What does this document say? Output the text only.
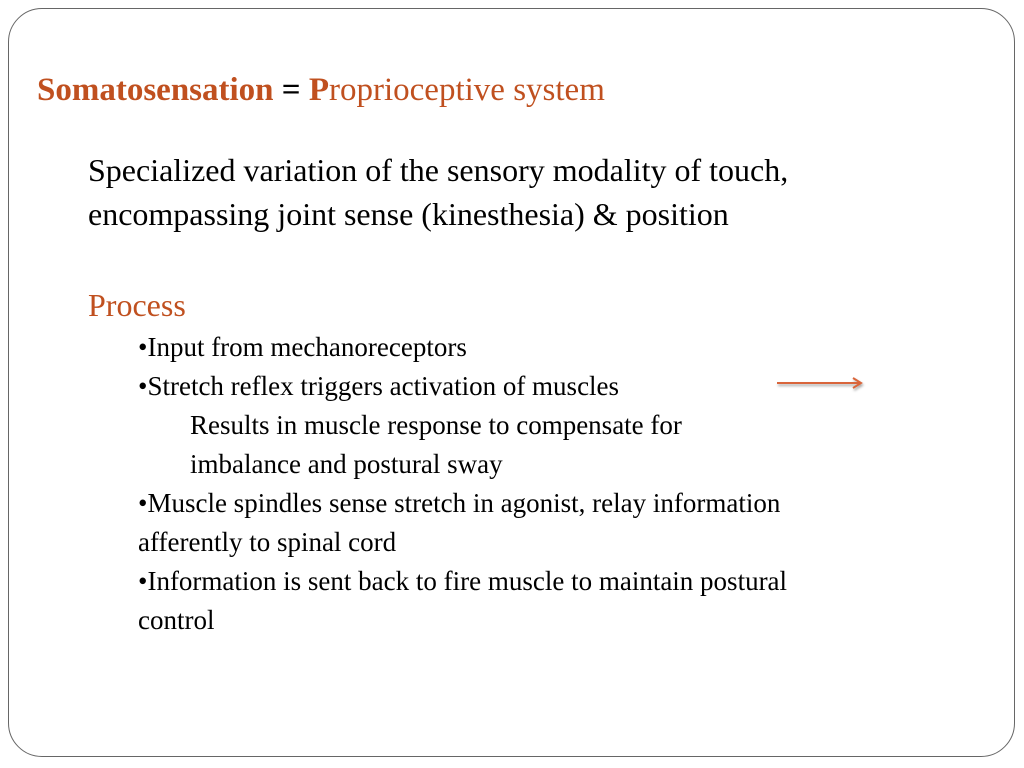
Somatosensation = Proprioceptive system
Specialized variation of the sensory modality of touch, encompassing joint sense (kinesthesia) & position
Process

•Input from mechanoreceptors

•Stretch reflex triggers activation of muscles

Results in muscle response to compensate for

imbalance and postural sway

•Muscle spindles sense stretch in agonist, relay information afferently to spinal cord

•Information is sent back to fire muscle to maintain postural control
